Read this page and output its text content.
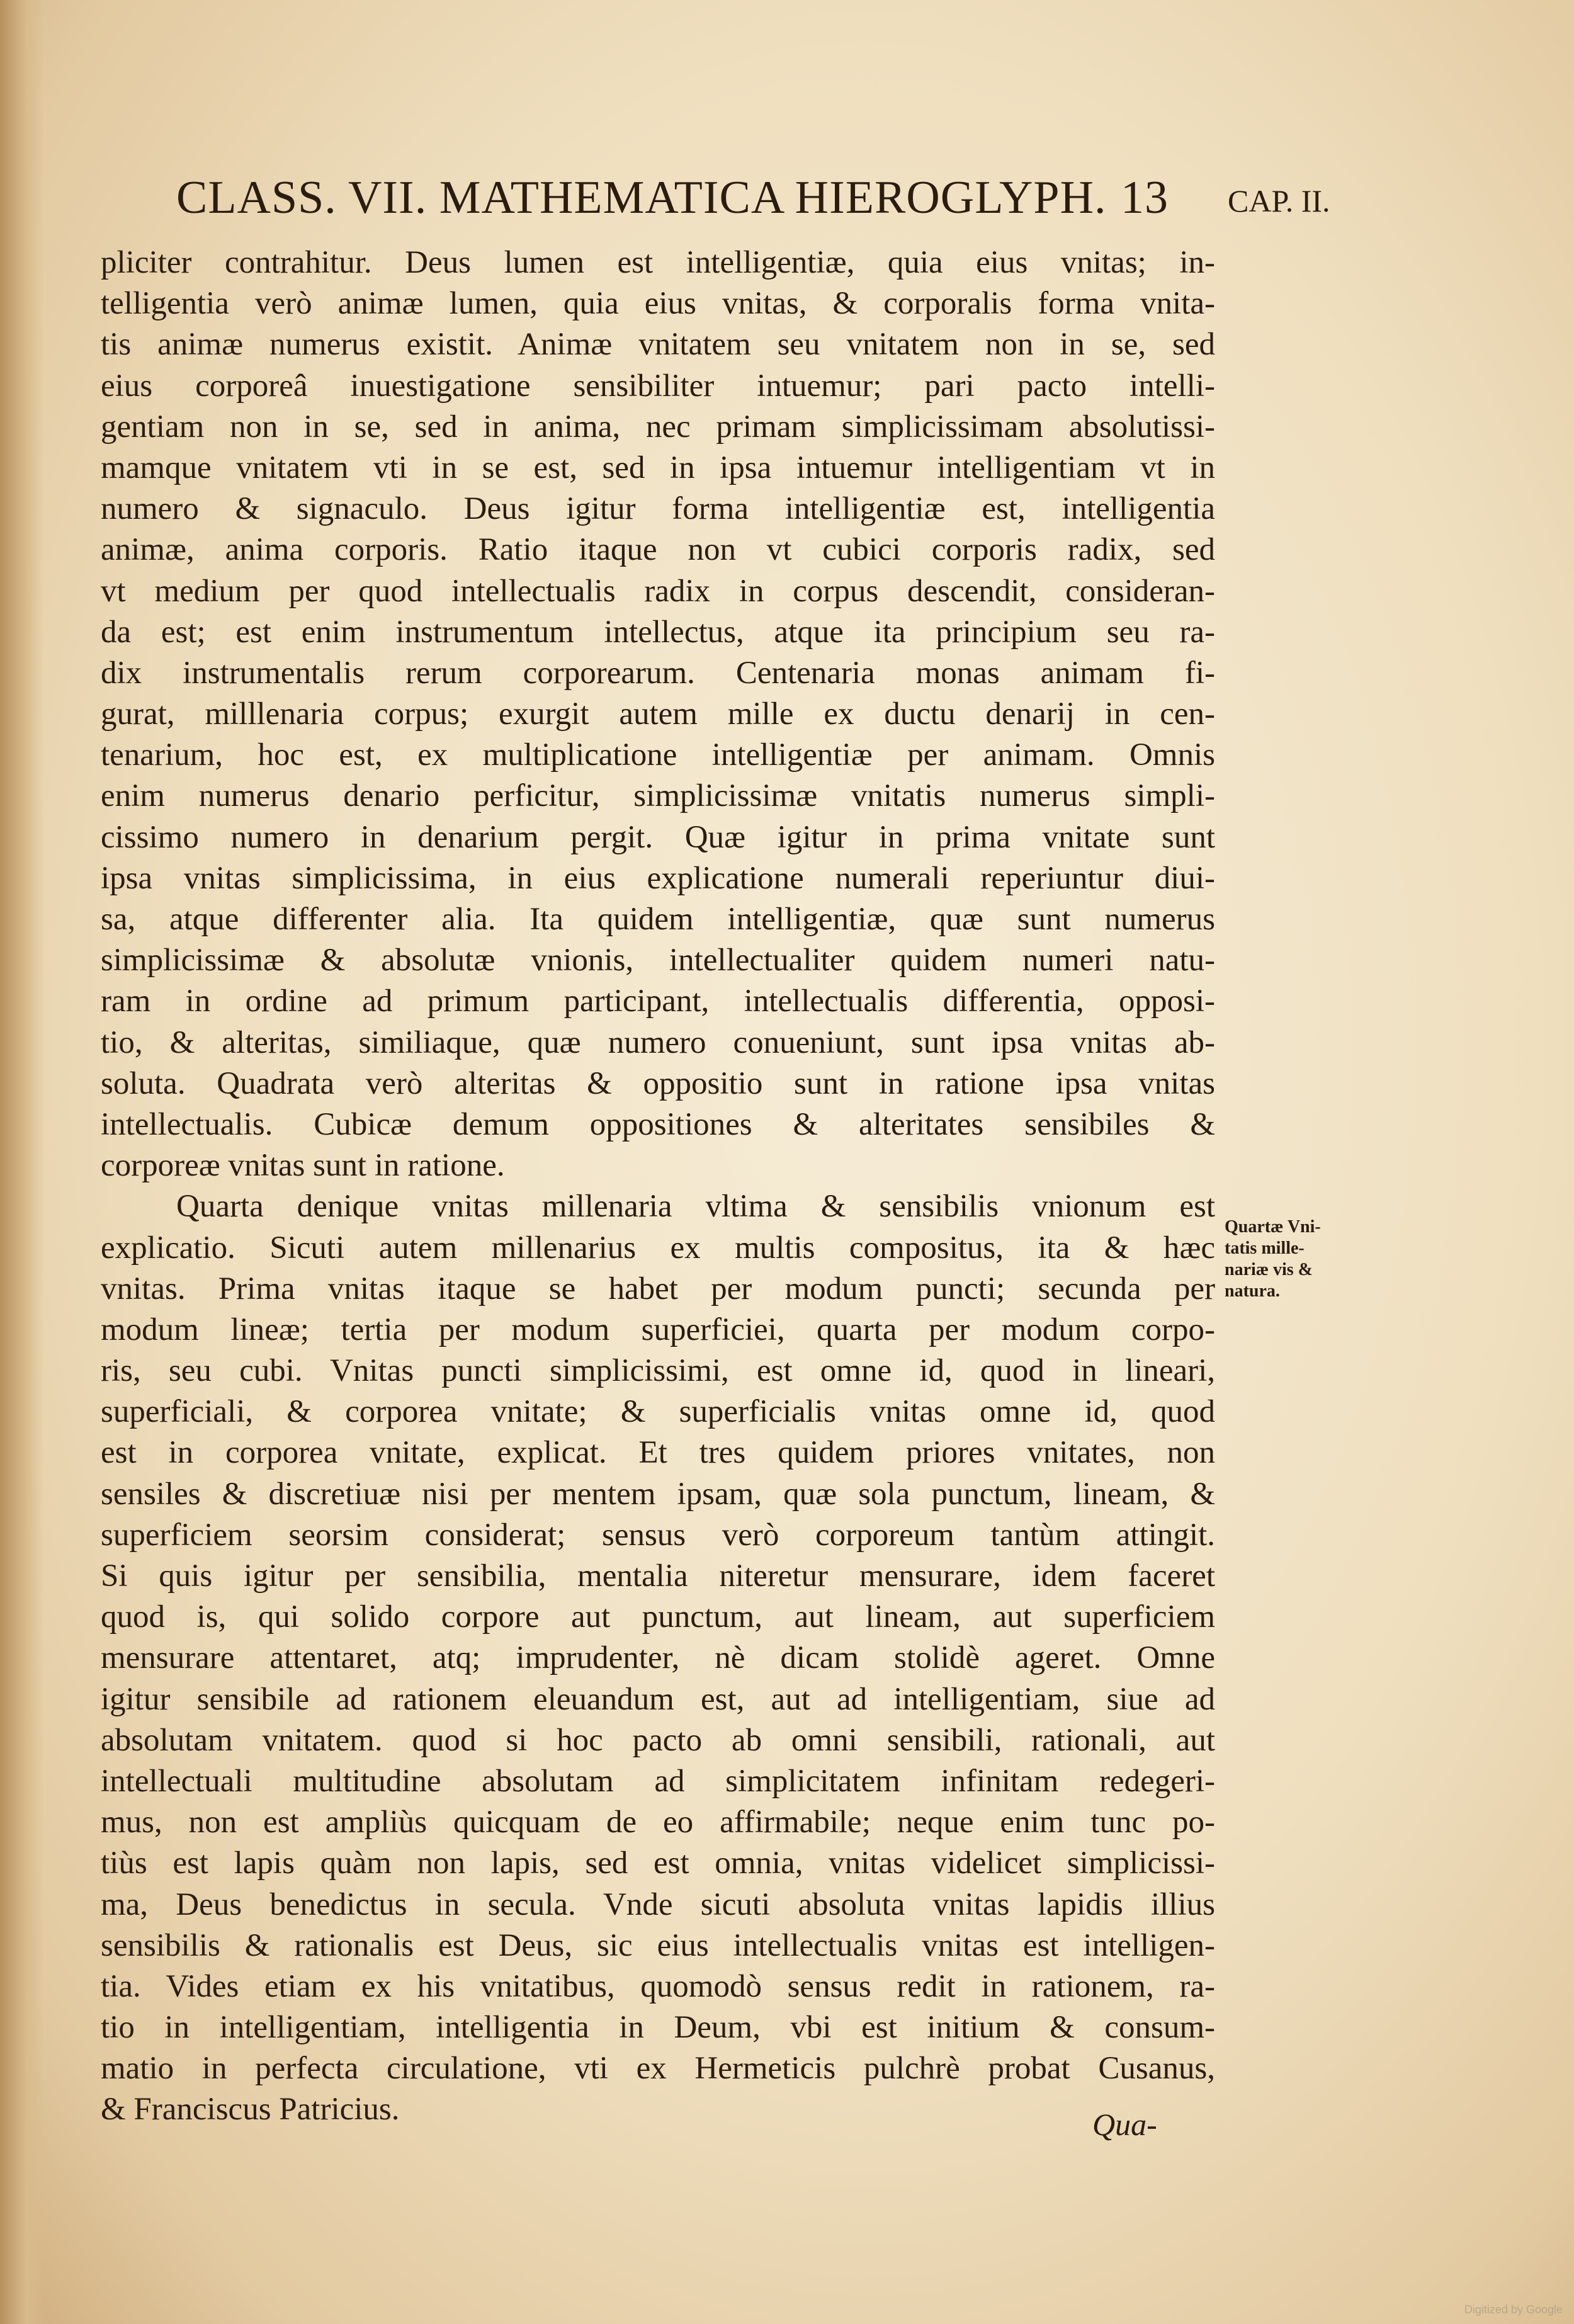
CLASS. VII. MATHEMATICA HIEROGLYPH. 13 CAP. II.
pliciter contrahitur. Deus lumen est intelligentiæ, quia eius vnitas; in-
telligentia verò animæ lumen, quia eius vnitas, & corporalis forma vnita-
tis animæ numerus existit. Animæ vnitatem seu vnitatem non in se, sed
eius corporeâ inuestigatione sensibiliter intuemur; pari pacto intelli-
gentiam non in se, sed in anima, nec primam simplicissimam absolutissi-
mamque vnitatem vti in se est, sed in ipsa intuemur intelligentiam vt in
numero & signaculo. Deus igitur forma intelligentiæ est, intelligentia
animæ, anima corporis. Ratio itaque non vt cubici corporis radix, sed
vt medium per quod intellectualis radix in corpus descendit, consideran-
da est; est enim instrumentum intellectus, atque ita principium seu ra-
dix instrumentalis rerum corporearum. Centenaria monas animam fi-
gurat, milllenaria corpus; exurgit autem mille ex ductu denarij in cen-
tenarium, hoc est, ex multiplicatione intelligentiæ per animam. Omnis
enim numerus denario perficitur, simplicissimæ vnitatis numerus simpli-
cissimo numero in denarium pergit. Quæ igitur in prima vnitate sunt
ipsa vnitas simplicissima, in eius explicatione numerali reperiuntur diui-
sa, atque differenter alia. Ita quidem intelligentiæ, quæ sunt numerus
simplicissimæ & absolutæ vnionis, intellectualiter quidem numeri natu-
ram in ordine ad primum participant, intellectualis differentia, opposi-
tio, & alteritas, similiaque, quæ numero conueniunt, sunt ipsa vnitas ab-
soluta. Quadrata verò alteritas & oppositio sunt in ratione ipsa vnitas
intellectualis. Cubicæ demum oppositiones & alteritates sensibiles &
corporeæ vnitas sunt in ratione.
Quarta denique vnitas millenaria vltima & sensibilis vnionum est
explicatio. Sicuti autem millenarius ex multis compositus, ita & hæc
vnitas. Prima vnitas itaque se habet per modum puncti; secunda per
modum lineæ; tertia per modum superficiei, quarta per modum corpo-
ris, seu cubi. Vnitas puncti simplicissimi, est omne id, quod in lineari,
superficiali, & corporea vnitate; & superficialis vnitas omne id, quod
est in corporea vnitate, explicat. Et tres quidem priores vnitates, non
sensiles & discretiuæ nisi per mentem ipsam, quæ sola punctum, lineam, &
superficiem seorsim considerat; sensus verò corporeum tantùm attingit.
Si quis igitur per sensibilia, mentalia niteretur mensurare, idem faceret
quod is, qui solido corpore aut punctum, aut lineam, aut superficiem
mensurare attentaret, atq; imprudenter, nè dicam stolidè ageret. Omne
igitur sensibile ad rationem eleuandum est, aut ad intelligentiam, siue ad
absolutam vnitatem. quod si hoc pacto ab omni sensibili, rationali, aut
intellectuali multitudine absolutam ad simplicitatem infinitam redegeri-
mus, non est ampliùs quicquam de eo affirmabile; neque enim tunc po-
tiùs est lapis quàm non lapis, sed est omnia, vnitas videlicet simplicissi-
ma, Deus benedictus in secula. Vnde sicuti absoluta vnitas lapidis illius
sensibilis & rationalis est Deus, sic eius intellectualis vnitas est intelligen-
tia. Vides etiam ex his vnitatibus, quomodò sensus redit in rationem, ra-
tio in intelligentiam, intelligentia in Deum, vbi est initium & consum-
matio in perfecta circulatione, vti ex Hermeticis pulchrè probat Cusanus,
& Franciscus Patricius.
Quartæ Vni-
tatis mille-
nariæ vis &
natura.
Qua-
Digitized by Google
